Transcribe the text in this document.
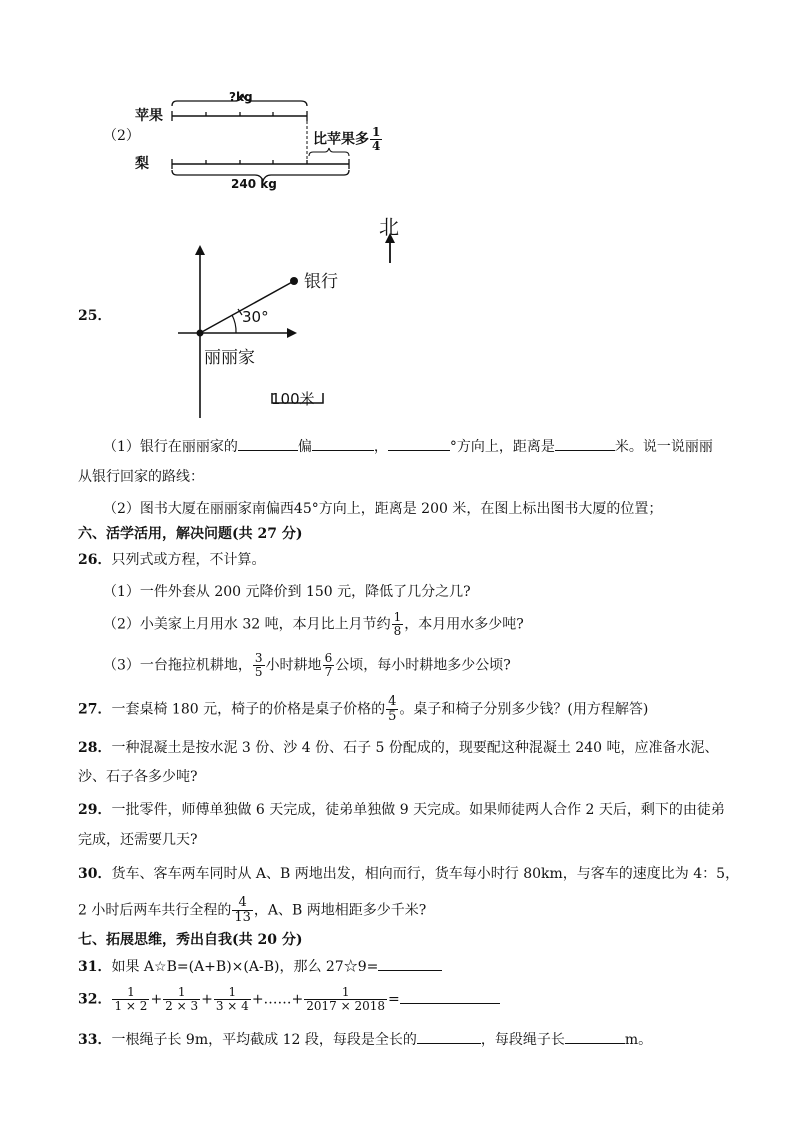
（2）
苹果
梨
?kg
240 kg
比苹果多 $\frac{1}{4}$
25．
北
银行
30°
丽丽家
100米
（1）银行在丽丽家的	偏	，	°方向上，距离是	米。说一说丽丽
从银行回家的路线：
（2）图书大厦在丽丽家南偏西45°方向上，距离是 200 米，在图上标出图书大厦的位置；
六、活学活用，解决问题(共 27 分)
26．只列式或方程，不计算。
（1）一件外套从 200 元降价到 150 元，降低了几分之几?
（2）小美家上月用水 32 吨，本月比上月节约 $\frac{1}{8}$ ，本月用水多少吨?
（3）一台拖拉机耕地， $\frac{3}{5}$ 小时耕地 $\frac{6}{7}$ 公顷，每小时耕地多少公顷?
27．一套桌椅 180 元，椅子的价格是桌子价格的 $\frac{4}{5}$ 。桌子和椅子分别多少钱？(用方程解答)
28．一种混凝土是按水泥 3 份、沙 4 份、石子 5 份配成的，现要配这种混凝土 240 吨，应准备水泥、
沙、石子各多少吨?
29．一批零件，师傅单独做 6 天完成，徒弟单独做 9 天完成。如果师徒两人合作 2 天后，剩下的由徒弟
完成，还需要几天?
30．货车、客车两车同时从 A、B 两地出发，相向而行，货车每小时行 80km，与客车的速度比为 4：5，
2 小时后两车共行全程的 $\frac{4}{13}$ ，A、B 两地相距多少千米?
七、拓展思维，秀出自我(共 20 分)
31．如果 A☆B=(A+B)×(A-B)，那么 27☆9=
32． $\frac{1}{1 \times 2} + \frac{1}{2 \times 3} + \frac{1}{3 \times 4}$ +……+ $\frac{1}{2017 \times 2018}$ =
33．一根绳子长 9m，平均截成 12 段，每段是全长的	，每段绳子长	m。
